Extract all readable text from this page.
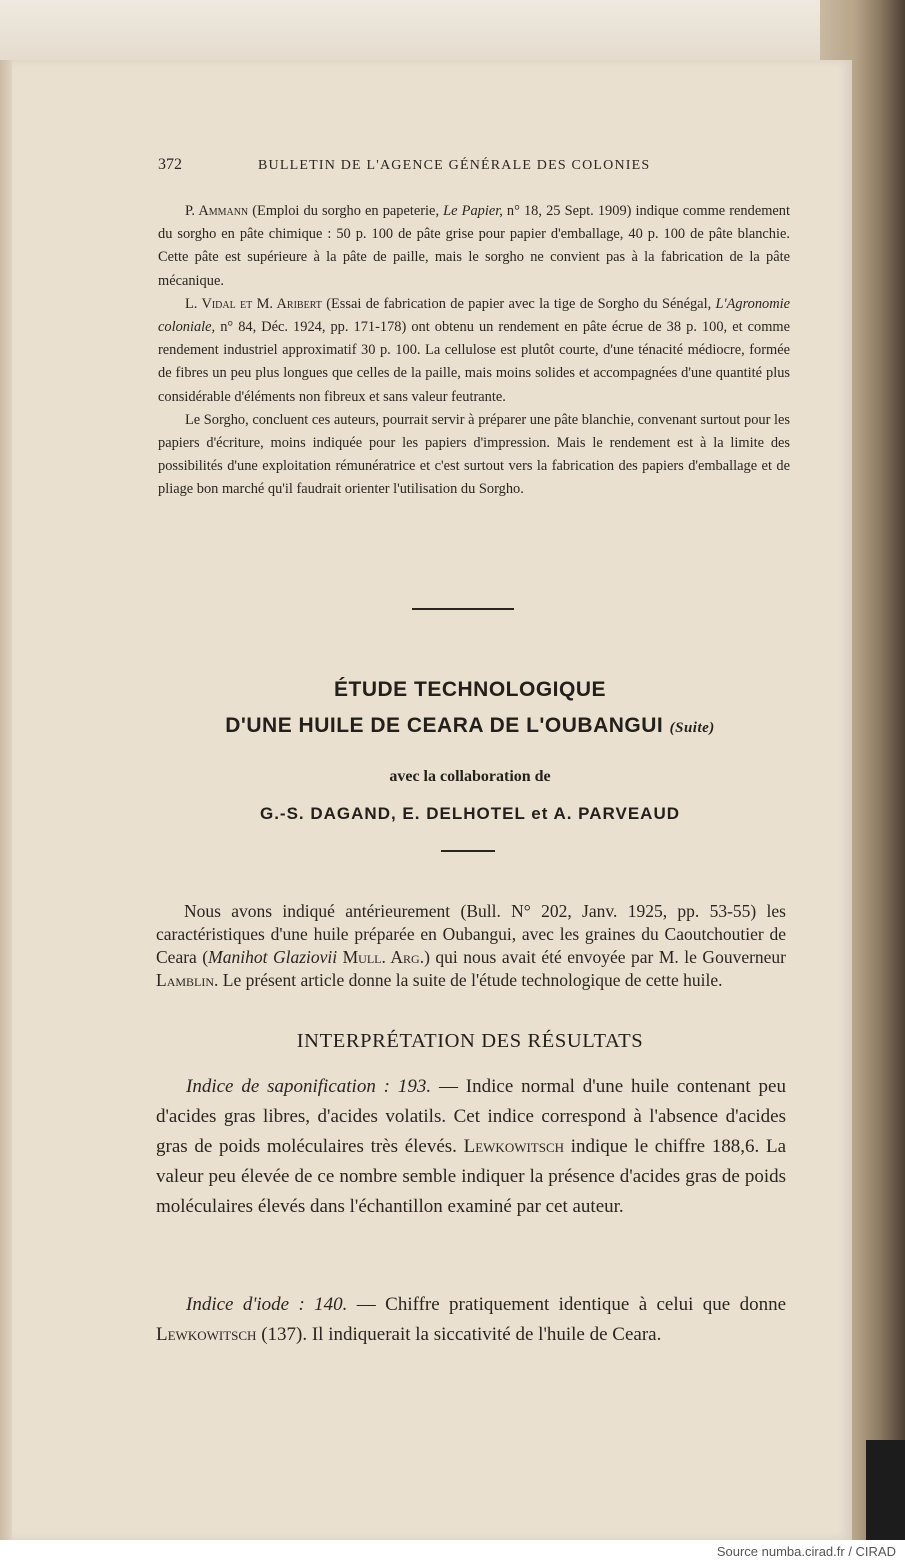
372	BULLETIN DE L'AGENCE GÉNÉRALE DES COLONIES

P. Ammann (Emploi du sorgho en papeterie, Le Papier, n° 18, 25 Sept. 1909) indique comme rendement du sorgho en pâte chimique : 50 p. 100 de pâte grise pour papier d'emballage, 40 p. 100 de pâte blanchie. Cette pâte est supérieure à la pâte de paille, mais le sorgho ne convient pas à la fabrication de la pâte mécanique.

L. Vidal et M. Aribert (Essai de fabrication de papier avec la tige de Sorgho du Sénégal, L'Agronomie coloniale, n° 84, Déc. 1924, pp. 171-178) ont obtenu un rendement en pâte écrue de 38 p. 100, et comme rendement industriel approximatif 30 p. 100. La cellulose est plutôt courte, d'une ténacité médiocre, formée de fibres un peu plus longues que celles de la paille, mais moins solides et accompagnées d'une quantité plus considérable d'éléments non fibreux et sans valeur feutrante.

Le Sorgho, concluent ces auteurs, pourrait servir à préparer une pâte blanchie, convenant surtout pour les papiers d'écriture, moins indiquée pour les papiers d'impression. Mais le rendement est à la limite des possibilités d'une exploitation rémunératrice et c'est surtout vers la fabrication des papiers d'emballage et de pliage bon marché qu'il faudrait orienter l'utilisation du Sorgho.

ÉTUDE TECHNOLOGIQUE
D'UNE HUILE DE CEARA DE L'OUBANGUI (Suite)
avec la collaboration de
G.-S. DAGAND, E. DELHOTEL et A. PARVEAUD

Nous avons indiqué antérieurement (Bull. N° 202, Janv. 1925, pp. 53-55) les caractéristiques d'une huile préparée en Oubangui, avec les graines du Caoutchoutier de Ceara (Manihot Glaziovii Mull. Arg.) qui nous avait été envoyée par M. le Gouverneur Lamblin. Le présent article donne la suite de l'étude technologique de cette huile.

INTERPRÉTATION DES RÉSULTATS

Indice de saponification : 193. — Indice normal d'une huile contenant peu d'acides gras libres, d'acides volatils. Cet indice correspond à l'absence d'acides gras de poids moléculaires très élevés. Lewkowitsch indique le chiffre 188,6. La valeur peu élevée de ce nombre semble indiquer la présence d'acides gras de poids moléculaires élevés dans l'échantillon examiné par cet auteur.

Indice d'iode : 140. — Chiffre pratiquement identique à celui que donne Lewkowitsch (137). Il indiquerait la siccativité de l'huile de Ceara.

Source numba.cirad.fr / CIRAD
